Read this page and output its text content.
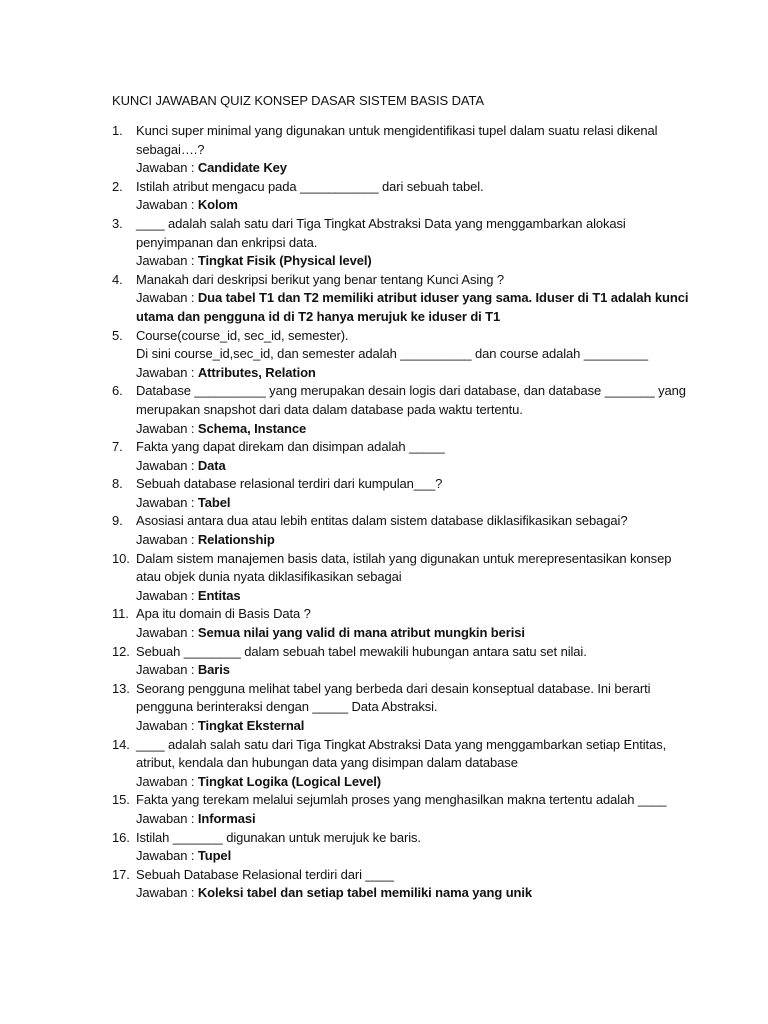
KUNCI JAWABAN QUIZ KONSEP DASAR SISTEM BASIS DATA
1. Kunci super minimal yang digunakan untuk mengidentifikasi tupel dalam suatu relasi dikenal
sebagai….?
Jawaban : Candidate Key
2. Istilah atribut mengacu pada ___________ dari sebuah tabel.
Jawaban : Kolom
3. ____ adalah salah satu dari Tiga Tingkat Abstraksi Data yang menggambarkan alokasi
penyimpanan dan enkripsi data.
Jawaban : Tingkat Fisik (Physical level)
4. Manakah dari deskripsi berikut yang benar tentang Kunci Asing ?
Jawaban : Dua tabel T1 dan T2 memiliki atribut iduser yang sama. Iduser di T1 adalah kunci
utama dan pengguna id di T2 hanya merujuk ke iduser di T1
5. Course(course_id, sec_id, semester).
Di sini course_id,sec_id, dan semester adalah __________ dan course adalah _________
Jawaban : Attributes, Relation
6. Database __________ yang merupakan desain logis dari database, dan database _______ yang
merupakan snapshot dari data dalam database pada waktu tertentu.
Jawaban : Schema, Instance
7. Fakta yang dapat direkam dan disimpan adalah _____
Jawaban : Data
8. Sebuah database relasional terdiri dari kumpulan___?
Jawaban : Tabel
9. Asosiasi antara dua atau lebih entitas dalam sistem database diklasifikasikan sebagai?
Jawaban : Relationship
10. Dalam sistem manajemen basis data, istilah yang digunakan untuk merepresentasikan konsep
atau objek dunia nyata diklasifikasikan sebagai
Jawaban : Entitas
11. Apa itu domain di Basis Data ?
Jawaban : Semua nilai yang valid di mana atribut mungkin berisi
12. Sebuah ________ dalam sebuah tabel mewakili hubungan antara satu set nilai.
Jawaban : Baris
13. Seorang pengguna melihat tabel yang berbeda dari desain konseptual database. Ini berarti
pengguna berinteraksi dengan _____ Data Abstraksi.
Jawaban : Tingkat Eksternal
14. ____ adalah salah satu dari Tiga Tingkat Abstraksi Data yang menggambarkan setiap Entitas,
atribut, kendala dan hubungan data yang disimpan dalam database
Jawaban : Tingkat Logika (Logical Level)
15. Fakta yang terekam melalui sejumlah proses yang menghasilkan makna tertentu adalah ____
Jawaban : Informasi
16. Istilah _______ digunakan untuk merujuk ke baris.
Jawaban : Tupel
17. Sebuah Database Relasional terdiri dari ____
Jawaban : Koleksi tabel dan setiap tabel memiliki nama yang unik
